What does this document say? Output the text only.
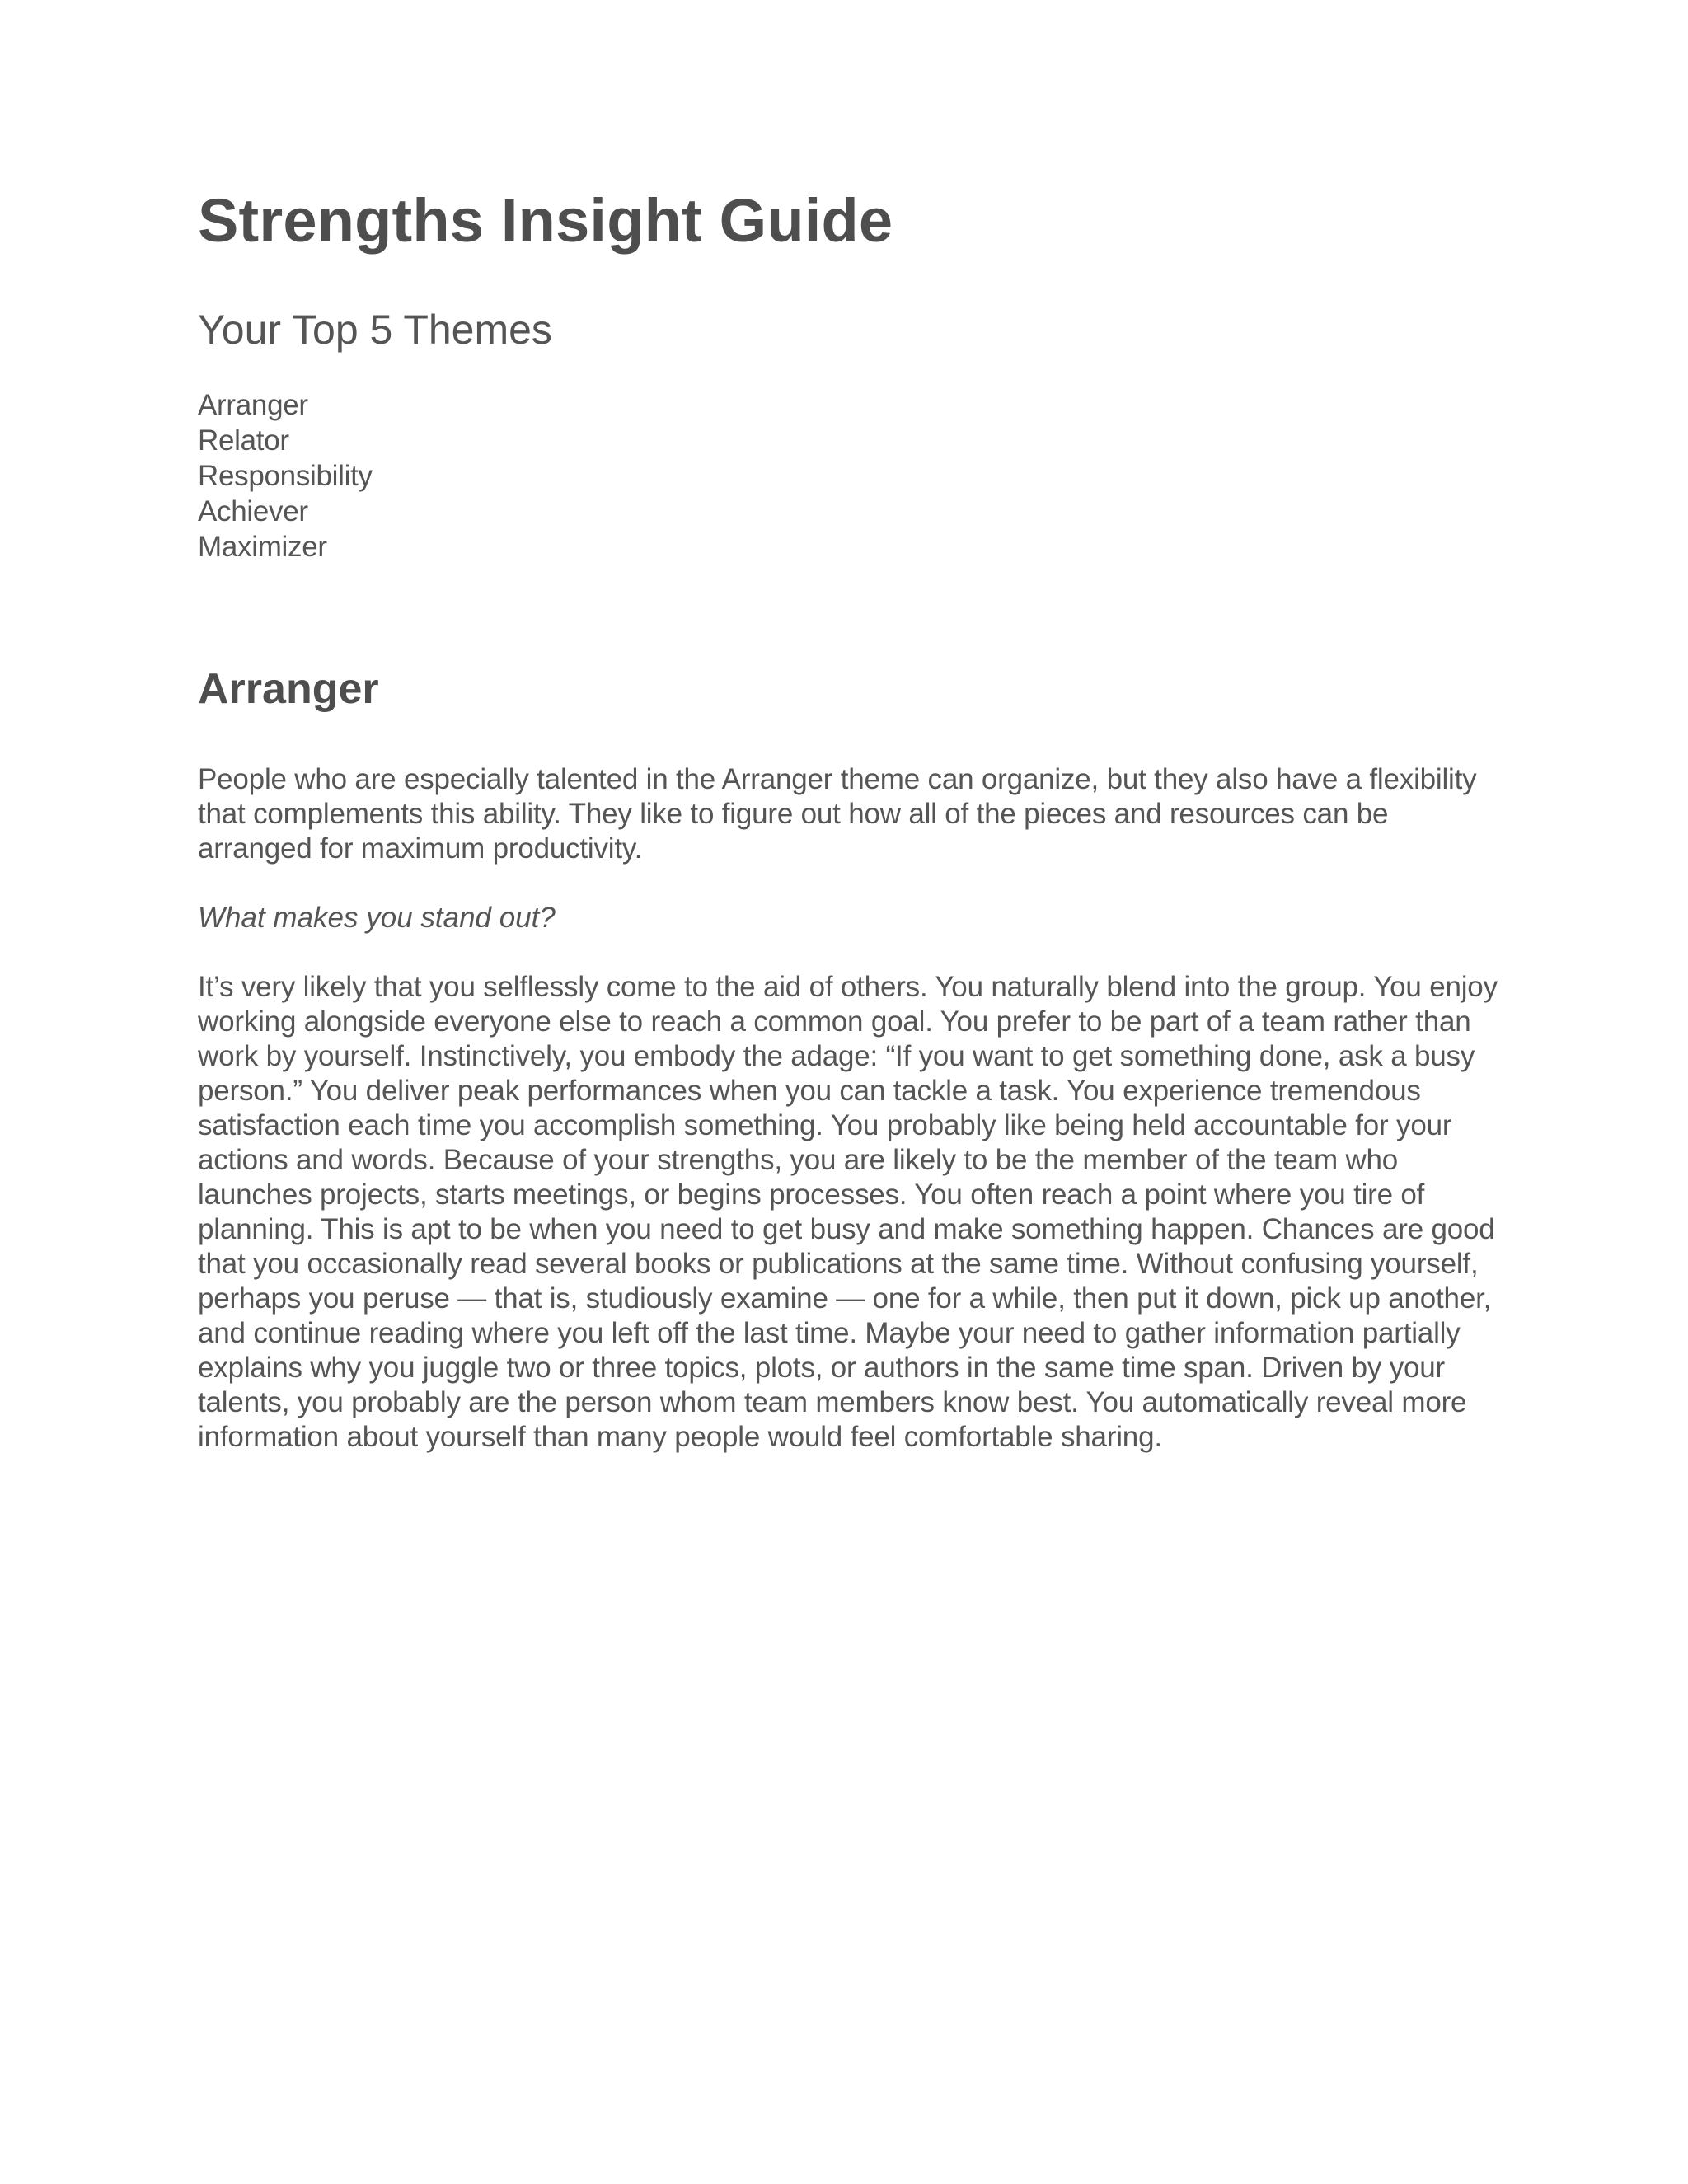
Strengths Insight Guide
Your Top 5 Themes
Arranger
Relator
Responsibility
Achiever
Maximizer
Arranger

People who are especially talented in the Arranger theme can organize, but they also have a flexibility that complements this ability. They like to figure out how all of the pieces and resources can be arranged for maximum productivity.

What makes you stand out?

It’s very likely that you selflessly come to the aid of others. You naturally blend into the group. You enjoy working alongside everyone else to reach a common goal. You prefer to be part of a team rather than work by yourself. Instinctively, you embody the adage: “If you want to get something done, ask a busy person.” You deliver peak performances when you can tackle a task. You experience tremendous satisfaction each time you accomplish something. You probably like being held accountable for your actions and words. Because of your strengths, you are likely to be the member of the team who launches projects, starts meetings, or begins processes. You often reach a point where you tire of planning. This is apt to be when you need to get busy and make something happen. Chances are good that you occasionally read several books or publications at the same time. Without confusing yourself, perhaps you peruse — that is, studiously examine — one for a while, then put it down, pick up another, and continue reading where you left off the last time. Maybe your need to gather information partially explains why you juggle two or three topics, plots, or authors in the same time span. Driven by your talents, you probably are the person whom team members know best. You automatically reveal more information about yourself than many people would feel comfortable sharing.
